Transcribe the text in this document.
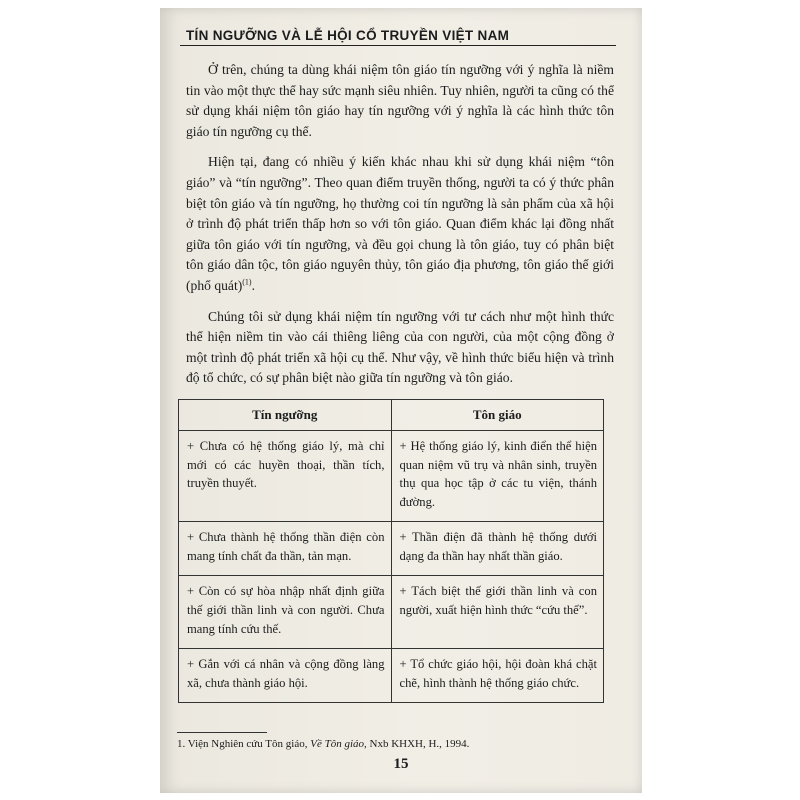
TÍN NGƯỠNG VÀ LỄ HỘI CỔ TRUYỀN VIỆT NAM

Ở trên, chúng ta dùng khái niệm tôn giáo tín ngưỡng với ý nghĩa là niềm tin vào một thực thể hay sức mạnh siêu nhiên. Tuy nhiên, người ta cũng có thể sử dụng khái niệm tôn giáo hay tín ngưỡng với ý nghĩa là các hình thức tôn giáo tín ngưỡng cụ thể.

Hiện tại, đang có nhiều ý kiến khác nhau khi sử dụng khái niệm “tôn giáo” và “tín ngưỡng”. Theo quan điểm truyền thống, người ta có ý thức phân biệt tôn giáo và tín ngưỡng, họ thường coi tín ngưỡng là sản phẩm của xã hội ở trình độ phát triển thấp hơn so với tôn giáo. Quan điểm khác lại đồng nhất giữa tôn giáo với tín ngưỡng, và đều gọi chung là tôn giáo, tuy có phân biệt tôn giáo dân tộc, tôn giáo nguyên thủy, tôn giáo địa phương, tôn giáo thế giới (phổ quát)$^{(1)}$.

Chúng tôi sử dụng khái niệm tín ngưỡng với tư cách như một hình thức thể hiện niềm tin vào cái thiêng liêng của con người, của một cộng đồng ở một trình độ phát triển xã hội cụ thể. Như vậy, về hình thức biểu hiện và trình độ tổ chức, có sự phân biệt nào giữa tín ngưỡng và tôn giáo.

Tín ngưỡng	Tôn giáo
+ Chưa có hệ thống giáo lý, mà chỉ mới có các huyền thoại, thần tích, truyền thuyết.	+ Hệ thống giáo lý, kinh điển thể hiện quan niệm vũ trụ và nhân sinh, truyền thụ qua học tập ở các tu viện, thánh đường.
+ Chưa thành hệ thống thần điện còn mang tính chất đa thần, tản mạn.	+ Thần điện đã thành hệ thống dưới dạng đa thần hay nhất thần giáo.
+ Còn có sự hòa nhập nhất định giữa thế giới thần linh và con người. Chưa mang tính cứu thế.	+ Tách biệt thế giới thần linh và con người, xuất hiện hình thức “cứu thế”.
+ Gắn với cá nhân và cộng đồng làng xã, chưa thành giáo hội.	+ Tổ chức giáo hội, hội đoàn khá chặt chẽ, hình thành hệ thống giáo chức.
1. Viện Nghiên cứu Tôn giáo, Về Tôn giáo, Nxb KHXH, H., 1994.
15
